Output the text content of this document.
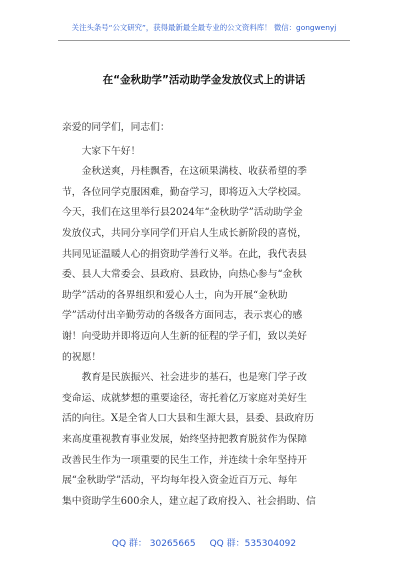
关注头条号“公文研究”，获得最新最全最专业的公文资料库！ 微信：gongwenyj
在“金秋助学”活动助学金发放仪式上的讲话

亲爱的同学们，同志们：

　　大家下午好！

　　金秋送爽，丹桂飘香，在这硕果满枝、收获希望的季

节，各位同学克服困难，勤奋学习，即将迈入大学校园。

今天，我们在这里举行县2024年“金秋助学”活动助学金

发放仪式，共同分享同学们开启人生成长新阶段的喜悦，

共同见证温暖人心的捐资助学善行义举。在此，我代表县

委、县人大常委会、县政府、县政协，向热心参与“金秋

助学”活动的各界组织和爱心人士，向为开展“金秋助

学”活动付出辛勤劳动的各级各方面同志，表示衷心的感

谢！向受助并即将迈向人生新的征程的学子们，致以美好

的祝愿！

　　教育是民族振兴、社会进步的基石，也是寒门学子改

变命运、成就梦想的重要途径，寄托着亿万家庭对美好生

活的向往。X是全省人口大县和生源大县，县委、县政府历

来高度重视教育事业发展，始终坚持把教育脱贫作为保障

改善民生作为一项重要的民生工作，并连续十余年坚持开

展“金秋助学”活动，平均每年投入资金近百万元、每年

集中资助学生600余人，建立起了政府投入、社会捐助、信

QQ 群： 30265665 QQ 群：535304092
